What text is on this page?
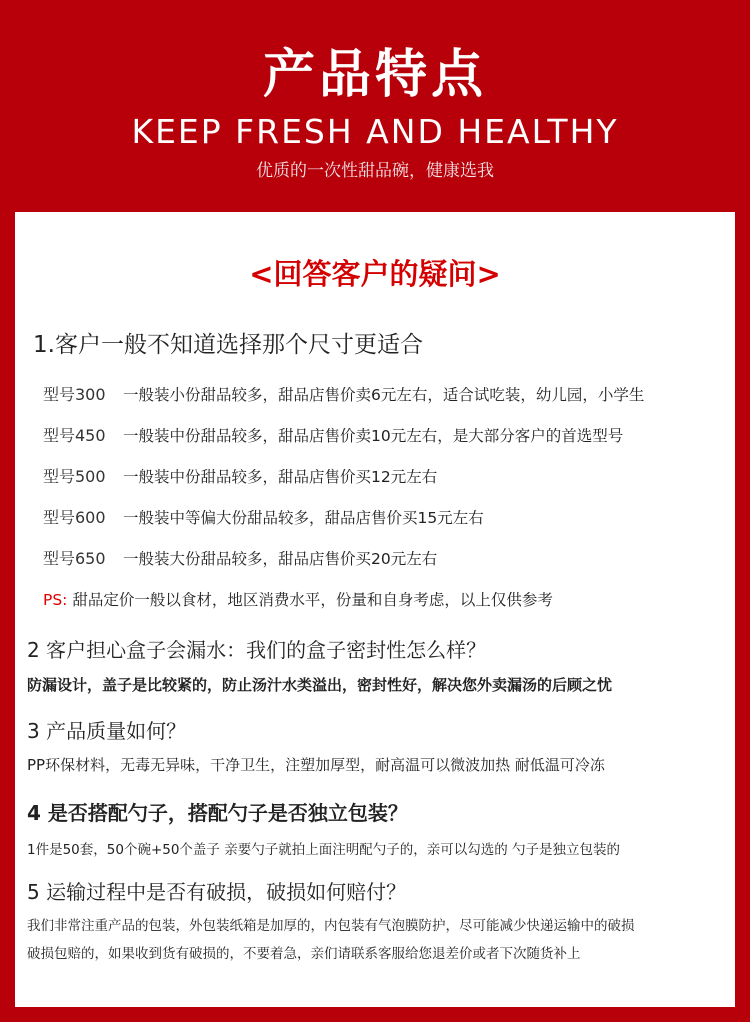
产品特点
KEEP FRESH AND HEALTHY
优质的一次性甜品碗，健康选我
<回答客户的疑问>
1.客户一般不知道选择那个尺寸更适合
型号300 一般装小份甜品较多，甜品店售价卖6元左右，适合试吃装，幼儿园，小学生
型号450 一般装中份甜品较多，甜品店售价卖10元左右，是大部分客户的首选型号
型号500 一般装中份甜品较多，甜品店售价买12元左右
型号600 一般装中等偏大份甜品较多，甜品店售价买15元左右
型号650 一般装大份甜品较多，甜品店售价买20元左右
PS: 甜品定价一般以食材，地区消费水平，份量和自身考虑，以上仅供参考
2 客户担心盒子会漏水：我们的盒子密封性怎么样？
防漏设计，盖子是比较紧的，防止汤汁水类溢出，密封性好，解决您外卖漏汤的后顾之忧
3 产品质量如何？
PP环保材料，无毒无异味，干净卫生，注塑加厚型，耐高温可以微波加热 耐低温可冷冻
4 是否搭配勺子，搭配勺子是否独立包装？
1件是50套，50个碗+50个盖子 亲要勺子就拍上面注明配勺子的，亲可以勾选的 勺子是独立包装的
5 运输过程中是否有破损，破损如何赔付？
我们非常注重产品的包装，外包装纸箱是加厚的，内包装有气泡膜防护，尽可能减少快递运输中的破损
破损包赔的，如果收到货有破损的，不要着急，亲们请联系客服给您退差价或者下次随货补上
